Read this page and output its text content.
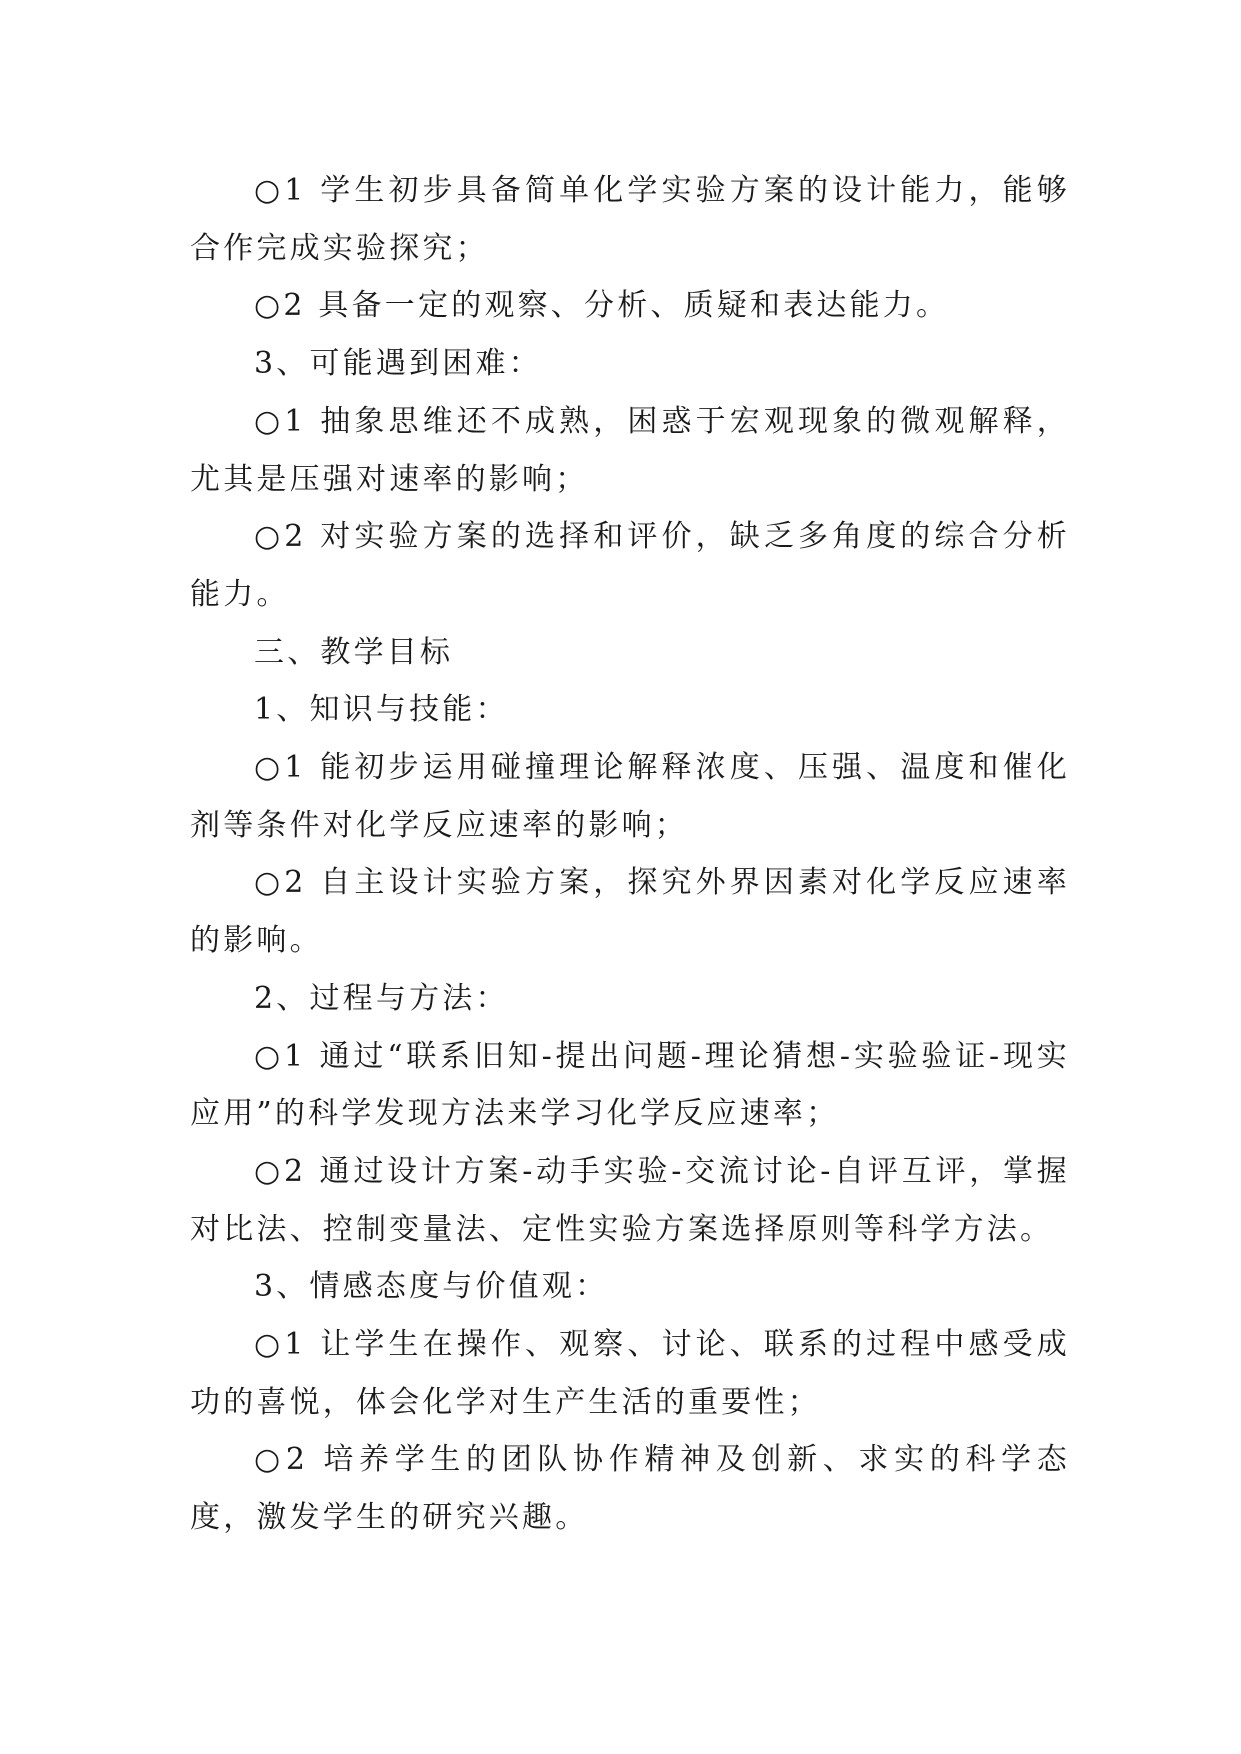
○1 学生初步具备简单化学实验方案的设计能力，能够合作完成实验探究；

○2 具备一定的观察、分析、质疑和表达能力。

3、可能遇到困难：

○1 抽象思维还不成熟，困惑于宏观现象的微观解释，尤其是压强对速率的影响；

○2 对实验方案的选择和评价，缺乏多角度的综合分析能力。

三、教学目标

1、知识与技能：

○1 能初步运用碰撞理论解释浓度、压强、温度和催化剂等条件对化学反应速率的影响；

○2 自主设计实验方案，探究外界因素对化学反应速率的影响。

2、过程与方法：

○1 通过“联系旧知-提出问题-理论猜想-实验验证-现实应用”的科学发现方法来学习化学反应速率；

○2 通过设计方案-动手实验-交流讨论-自评互评，掌握对比法、控制变量法、定性实验方案选择原则等科学方法。

3、情感态度与价值观：

○1 让学生在操作、观察、讨论、联系的过程中感受成功的喜悦，体会化学对生产生活的重要性；

○2 培养学生的团队协作精神及创新、求实的科学态度，激发学生的研究兴趣。
